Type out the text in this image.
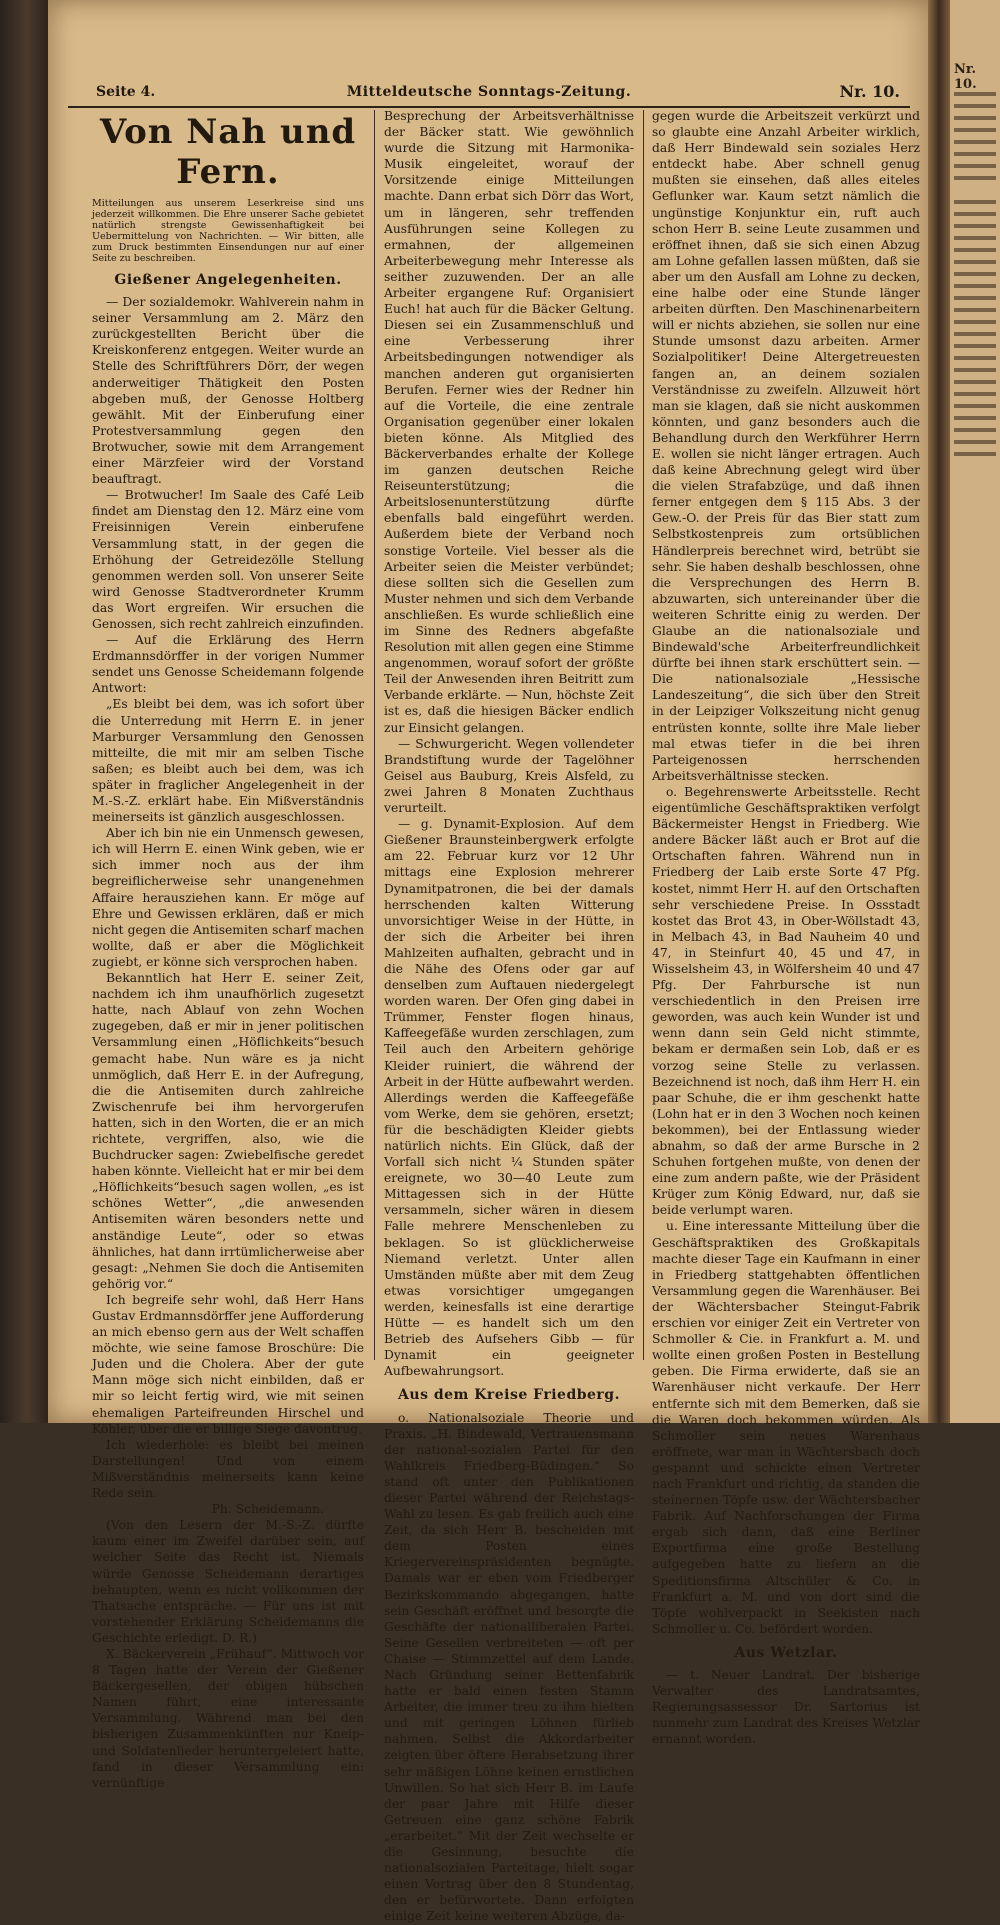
Nr. 10.
Seite 4.	Mitteldeutsche Sonntags-Zeitung.	Nr. 10.
Von Nah und Fern.
Mitteilungen aus unserem Leserkreise sind uns jederzeit willkommen. Die Ehre unserer Sache gebietet natürlich strengste Gewissenhaftigkeit bei Uebermittelung von Nachrichten. — Wir bitten, alle zum Druck bestimmten Einsendungen nur auf einer Seite zu beschreiben.
Gießener Angelegenheiten.

— Der sozialdemokr. Wahlverein nahm in seiner Versammlung am 2. März den zurückgestellten Bericht über die Kreiskonferenz entgegen. Weiter wurde an Stelle des Schriftführers Dörr, der wegen anderweitiger Thätigkeit den Posten abgeben muß, der Genosse Holtberg gewählt. Mit der Einberufung einer Protestversammlung gegen den Brotwucher, sowie mit dem Arrangement einer Märzfeier wird der Vorstand beauftragt.

— Brotwucher! Im Saale des Café Leib findet am Dienstag den 12. März eine vom Freisinnigen Verein einberufene Versammlung statt, in der gegen die Erhöhung der Getreidezölle Stellung genommen werden soll. Von unserer Seite wird Genosse Stadtverordneter Krumm das Wort ergreifen. Wir ersuchen die Genossen, sich recht zahlreich einzufinden.

— Auf die Erklärung des Herrn Erdmannsdörffer in der vorigen Nummer sendet uns Genosse Scheidemann folgende Antwort:

„Es bleibt bei dem, was ich sofort über die Unterredung mit Herrn E. in jener Marburger Versammlung den Genossen mitteilte, die mit mir am selben Tische saßen; es bleibt auch bei dem, was ich später in fraglicher Angelegenheit in der M.-S.-Z. erklärt habe. Ein Mißverständnis meinerseits ist gänzlich ausgeschlossen.

Aber ich bin nie ein Unmensch gewesen, ich will Herrn E. einen Wink geben, wie er sich immer noch aus der ihm begreiflicherweise sehr unangenehmen Affaire herausziehen kann. Er möge auf Ehre und Gewissen erklären, daß er mich nicht gegen die Antisemiten scharf machen wollte, daß er aber die Möglichkeit zugiebt, er könne sich versprochen haben.

Bekanntlich hat Herr E. seiner Zeit, nachdem ich ihm unaufhörlich zugesetzt hatte, nach Ablauf von zehn Wochen zugegeben, daß er mir in jener politischen Versammlung einen „Höflichkeits“besuch gemacht habe. Nun wäre es ja nicht unmöglich, daß Herr E. in der Aufregung, die die Antisemiten durch zahlreiche Zwischenrufe bei ihm hervorgerufen hatten, sich in den Worten, die er an mich richtete, vergriffen, also, wie die Buchdrucker sagen: Zwiebelfische geredet haben könnte. Vielleicht hat er mir bei dem „Höflichkeits“besuch sagen wollen, „es ist schönes Wetter“, „die anwesenden Antisemiten wären besonders nette und anständige Leute“, oder so etwas ähnliches, hat dann irrtümlicherweise aber gesagt: „Nehmen Sie doch die Antisemiten gehörig vor.“

Ich begreife sehr wohl, daß Herr Hans Gustav Erdmannsdörffer jene Aufforderung an mich ebenso gern aus der Welt schaffen möchte, wie seine famose Broschüre: Die Juden und die Cholera. Aber der gute Mann möge sich nicht einbilden, daß er mir so leicht fertig wird, wie mit seinen ehemaligen Parteifreunden Hirschel und Köhler, über die er billige Siege davontrug.

Ich wiederhole: es bleibt bei meinen Darstellungen! Und von einem Mißverständnis meinerseits kann keine Rede sein.

Ph. Scheidemann.

(Von den Lesern der M.-S.-Z. dürfte kaum einer im Zweifel darüber sein, auf welcher Seite das Recht ist. Niemals würde Genosse Scheidemann derartiges behaupten, wenn es nicht vollkommen der Thatsache entspräche. — Für uns ist mit vorstehender Erklärung Scheidemanns die Geschichte erledigt. D. R.)

X. Bäckerverein „Frühauf“. Mittwoch vor 8 Tagen hatte der Verein der Gießener Bäckergesellen, der obigen hübschen Namen führt, eine interessante Versammlung. Während man bei den bisherigen Zusammenkünften nur Kneip- und Soldatenlieder heruntergeleiert hatte, fand in dieser Versammlung ein: vernünftige

Besprechung der Arbeitsverhältnisse der Bäcker statt. Wie gewöhnlich wurde die Sitzung mit Harmonika-Musik eingeleitet, worauf der Vorsitzende einige Mitteilungen machte. Dann erbat sich Dörr das Wort, um in längeren, sehr treffenden Ausführungen seine Kollegen zu ermahnen, der allgemeinen Arbeiterbewegung mehr Interesse als seither zuzuwenden. Der an alle Arbeiter ergangene Ruf: Organisiert Euch! hat auch für die Bäcker Geltung. Diesen sei ein Zusammenschluß und eine Verbesserung ihrer Arbeitsbedingungen notwendiger als manchen anderen gut organisierten Berufen. Ferner wies der Redner hin auf die Vorteile, die eine zentrale Organisation gegenüber einer lokalen bieten könne. Als Mitglied des Bäckerverbandes erhalte der Kollege im ganzen deutschen Reiche Reiseunterstützung; die Arbeitslosenunterstützung dürfte ebenfalls bald eingeführt werden. Außerdem biete der Verband noch sonstige Vorteile. Viel besser als die Arbeiter seien die Meister verbündet; diese sollten sich die Gesellen zum Muster nehmen und sich dem Verbande anschließen. Es wurde schließlich eine im Sinne des Redners abgefaßte Resolution mit allen gegen eine Stimme angenommen, worauf sofort der größte Teil der Anwesenden ihren Beitritt zum Verbande erklärte. — Nun, höchste Zeit ist es, daß die hiesigen Bäcker endlich zur Einsicht gelangen.

— Schwurgericht. Wegen vollendeter Brandstiftung wurde der Tagelöhner Geisel aus Bauburg, Kreis Alsfeld, zu zwei Jahren 8 Monaten Zuchthaus verurteilt.

— g. Dynamit-Explosion. Auf dem Gießener Braunsteinbergwerk erfolgte am 22. Februar kurz vor 12 Uhr mittags eine Explosion mehrerer Dynamitpatronen, die bei der damals herrschenden kalten Witterung unvorsichtiger Weise in der Hütte, in der sich die Arbeiter bei ihren Mahlzeiten aufhalten, gebracht und in die Nähe des Ofens oder gar auf denselben zum Auftauen niedergelegt worden waren. Der Ofen ging dabei in Trümmer, Fenster flogen hinaus, Kaffeegefäße wurden zerschlagen, zum Teil auch den Arbeitern gehörige Kleider ruiniert, die während der Arbeit in der Hütte aufbewahrt werden. Allerdings werden die Kaffeegefäße vom Werke, dem sie gehören, ersetzt; für die beschädigten Kleider giebts natürlich nichts. Ein Glück, daß der Vorfall sich nicht ¼ Stunden später ereignete, wo 30—40 Leute zum Mittagessen sich in der Hütte versammeln, sicher wären in diesem Falle mehrere Menschenleben zu beklagen. So ist glücklicherweise Niemand verletzt. Unter allen Umständen müßte aber mit dem Zeug etwas vorsichtiger umgegangen werden, keinesfalls ist eine derartige Hütte — es handelt sich um den Betrieb des Aufsehers Gibb — für Dynamit ein geeigneter Aufbewahrungsort.

Aus dem Kreise Friedberg.

o. Nationalsoziale Theorie und Praxis. „H. Bindewald, Vertrauensmann der national-sozialen Partei für den Wahlkreis Friedberg-Büdingen.“ So stand oft unter den Publikationen dieser Partei während der Reichstags-Wahl zu lesen. Es gab freilich auch eine Zeit, da sich Herr B. bescheiden mit dem Posten eines Kriegervereinspräsidenten begnügte. Damals war er eben vom Friedberger Bezirkskommando abgegangen, hatte sein Geschäft eröffnet und besorgte die Geschäfte der nationalliberalen Partei. Seine Gesellen verbreiteten — oft per Chaise — Stimmzettel auf dem Lande. Nach Gründung seiner Bettenfabrik hatte er bald einen festen Stamm Arbeiter, die immer treu zu ihm hielten und mit geringen Löhnen fürlieb nahmen. Selbst die Akkordarbeiter zeigten über öftere Herabsetzung ihrer sehr mäßigen Löhne keinen ernstlichen Unwillen. So hat sich Herr B. im Laufe der paar Jahre mit Hilfe dieser Getreuen eine ganz schöne Fabrik „erarbeitet.“ Mit der Zeit wechselte er die Gesinnung, besuchte die nationalsozialen Parteitage, hielt sogar einen Vortrag über den 8 Stundentag, den er befürwortete. Dann erfolgten einige Zeit keine weiteren Abzüge, da-

gegen wurde die Arbeitszeit verkürzt und so glaubte eine Anzahl Arbeiter wirklich, daß Herr Bindewald sein soziales Herz entdeckt habe. Aber schnell genug mußten sie einsehen, daß alles eiteles Geflunker war. Kaum setzt nämlich die ungünstige Konjunktur ein, ruft auch schon Herr B. seine Leute zusammen und eröffnet ihnen, daß sie sich einen Abzug am Lohne gefallen lassen müßten, daß sie aber um den Ausfall am Lohne zu decken, eine halbe oder eine Stunde länger arbeiten dürften. Den Maschinenarbeitern will er nichts abziehen, sie sollen nur eine Stunde umsonst dazu arbeiten. Armer Sozialpolitiker! Deine Altergetreuesten fangen an, an deinem sozialen Verständnisse zu zweifeln. Allzuweit hört man sie klagen, daß sie nicht auskommen könnten, und ganz besonders auch die Behandlung durch den Werkführer Herrn E. wollen sie nicht länger ertragen. Auch daß keine Abrechnung gelegt wird über die vielen Strafabzüge, und daß ihnen ferner entgegen dem § 115 Abs. 3 der Gew.-O. der Preis für das Bier statt zum Selbstkostenpreis zum ortsüblichen Händlerpreis berechnet wird, betrübt sie sehr. Sie haben deshalb beschlossen, ohne die Versprechungen des Herrn B. abzuwarten, sich untereinander über die weiteren Schritte einig zu werden. Der Glaube an die nationalsoziale und Bindewald'sche Arbeiterfreundlichkeit dürfte bei ihnen stark erschüttert sein. — Die nationalsoziale „Hessische Landeszeitung“, die sich über den Streit in der Leipziger Volkszeitung nicht genug entrüsten konnte, sollte ihre Male lieber mal etwas tiefer in die bei ihren Parteigenossen herrschenden Arbeitsverhältnisse stecken.

o. Begehrenswerte Arbeitsstelle. Recht eigentümliche Geschäftspraktiken verfolgt Bäckermeister Hengst in Friedberg. Wie andere Bäcker läßt auch er Brot auf die Ortschaften fahren. Während nun in Friedberg der Laib erste Sorte 47 Pfg. kostet, nimmt Herr H. auf den Ortschaften sehr verschiedene Preise. In Ossstadt kostet das Brot 43, in Ober-Wöllstadt 43, in Melbach 43, in Bad Nauheim 40 und 47, in Steinfurt 40, 45 und 47, in Wisselsheim 43, in Wölfersheim 40 und 47 Pfg. Der Fahrbursche ist nun verschiedentlich in den Preisen irre geworden, was auch kein Wunder ist und wenn dann sein Geld nicht stimmte, bekam er dermaßen sein Lob, daß er es vorzog seine Stelle zu verlassen. Bezeichnend ist noch, daß ihm Herr H. ein paar Schuhe, die er ihm geschenkt hatte (Lohn hat er in den 3 Wochen noch keinen bekommen), bei der Entlassung wieder abnahm, so daß der arme Bursche in 2 Schuhen fortgehen mußte, von denen der eine zum andern paßte, wie der Präsident Krüger zum König Edward, nur, daß sie beide verlumpt waren.

u. Eine interessante Mitteilung über die Geschäftspraktiken des Großkapitals machte dieser Tage ein Kaufmann in einer in Friedberg stattgehabten öffentlichen Versammlung gegen die Warenhäuser. Bei der Wächtersbacher Steingut-Fabrik erschien vor einiger Zeit ein Vertreter von Schmoller & Cie. in Frankfurt a. M. und wollte einen großen Posten in Bestellung geben. Die Firma erwiderte, daß sie an Warenhäuser nicht verkaufe. Der Herr entfernte sich mit dem Bemerken, daß sie die Waren doch bekommen würden. Als Schmoller sein neues Warenhaus eröffnete, war man in Wächtersbach doch gespannt und schickte einen Vertreter nach Frankfurt und richtig, da standen die steinernen Töpfe usw. der Wächtersbacher Fabrik. Auf Nachforschungen der Firma ergab sich dann, daß eine Berliner Exportfirma eine große Bestellung aufgegeben hatte zu liefern an die Speditionsfirma Altschüler & Co. in Frankfurt a. M. und von dort sind die Töpfe wohlverpackt in Seekisten nach Schmoller u. Co. befördert worden.

Aus Wetzlar.

— t. Neuer Landrat. Der bisherige Verwalter des Landratsamtes, Regierungsassessor Dr. Sartorius ist nunmehr zum Landrat des Kreises Wetzlar ernannt worden.
